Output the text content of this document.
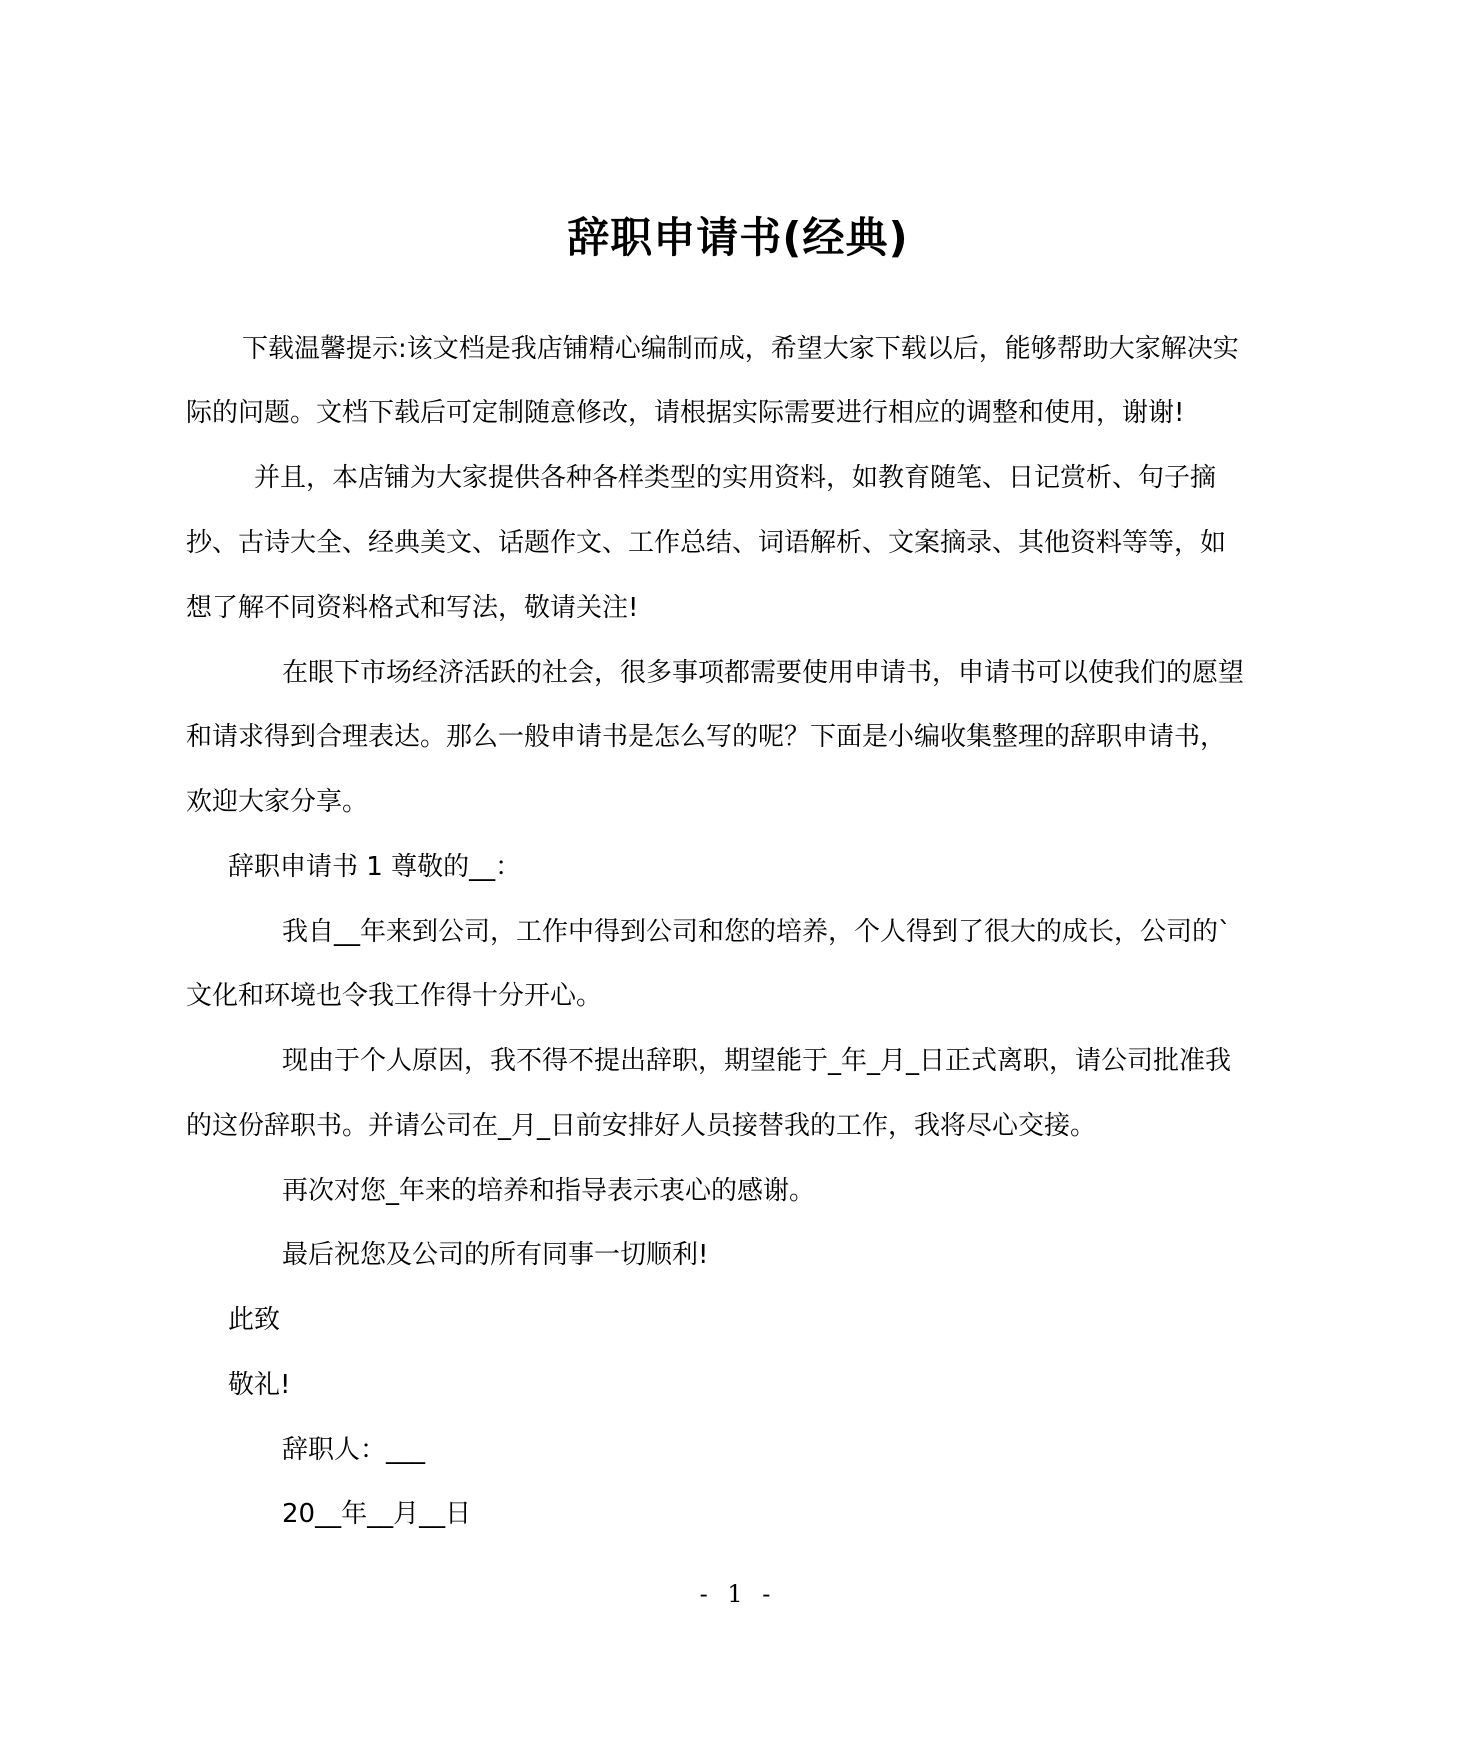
辞职申请书(经典)
下载温馨提示:该文档是我店铺精心编制而成，希望大家下载以后，能够帮助大家解决实
际的问题。文档下载后可定制随意修改，请根据实际需要进行相应的调整和使用，谢谢!
并且，本店铺为大家提供各种各样类型的实用资料，如教育随笔、日记赏析、句子摘
抄、古诗大全、经典美文、话题作文、工作总结、词语解析、文案摘录、其他资料等等，如
想了解不同资料格式和写法，敬请关注!
在眼下市场经济活跃的社会，很多事项都需要使用申请书，申请书可以使我们的愿望
和请求得到合理表达。那么一般申请书是怎么写的呢？下面是小编收集整理的辞职申请书，
欢迎大家分享。
辞职申请书 1 尊敬的__：
我自__年来到公司，工作中得到公司和您的培养，个人得到了很大的成长，公司的`
文化和环境也令我工作得十分开心。
现由于个人原因，我不得不提出辞职，期望能于_年_月_日正式离职，请公司批准我
的这份辞职书。并请公司在_月_日前安排好人员接替我的工作，我将尽心交接。
再次对您_年来的培养和指导表示衷心的感谢。
最后祝您及公司的所有同事一切顺利!
此致
敬礼!
辞职人：___
20__年__月__日
- 1 -
